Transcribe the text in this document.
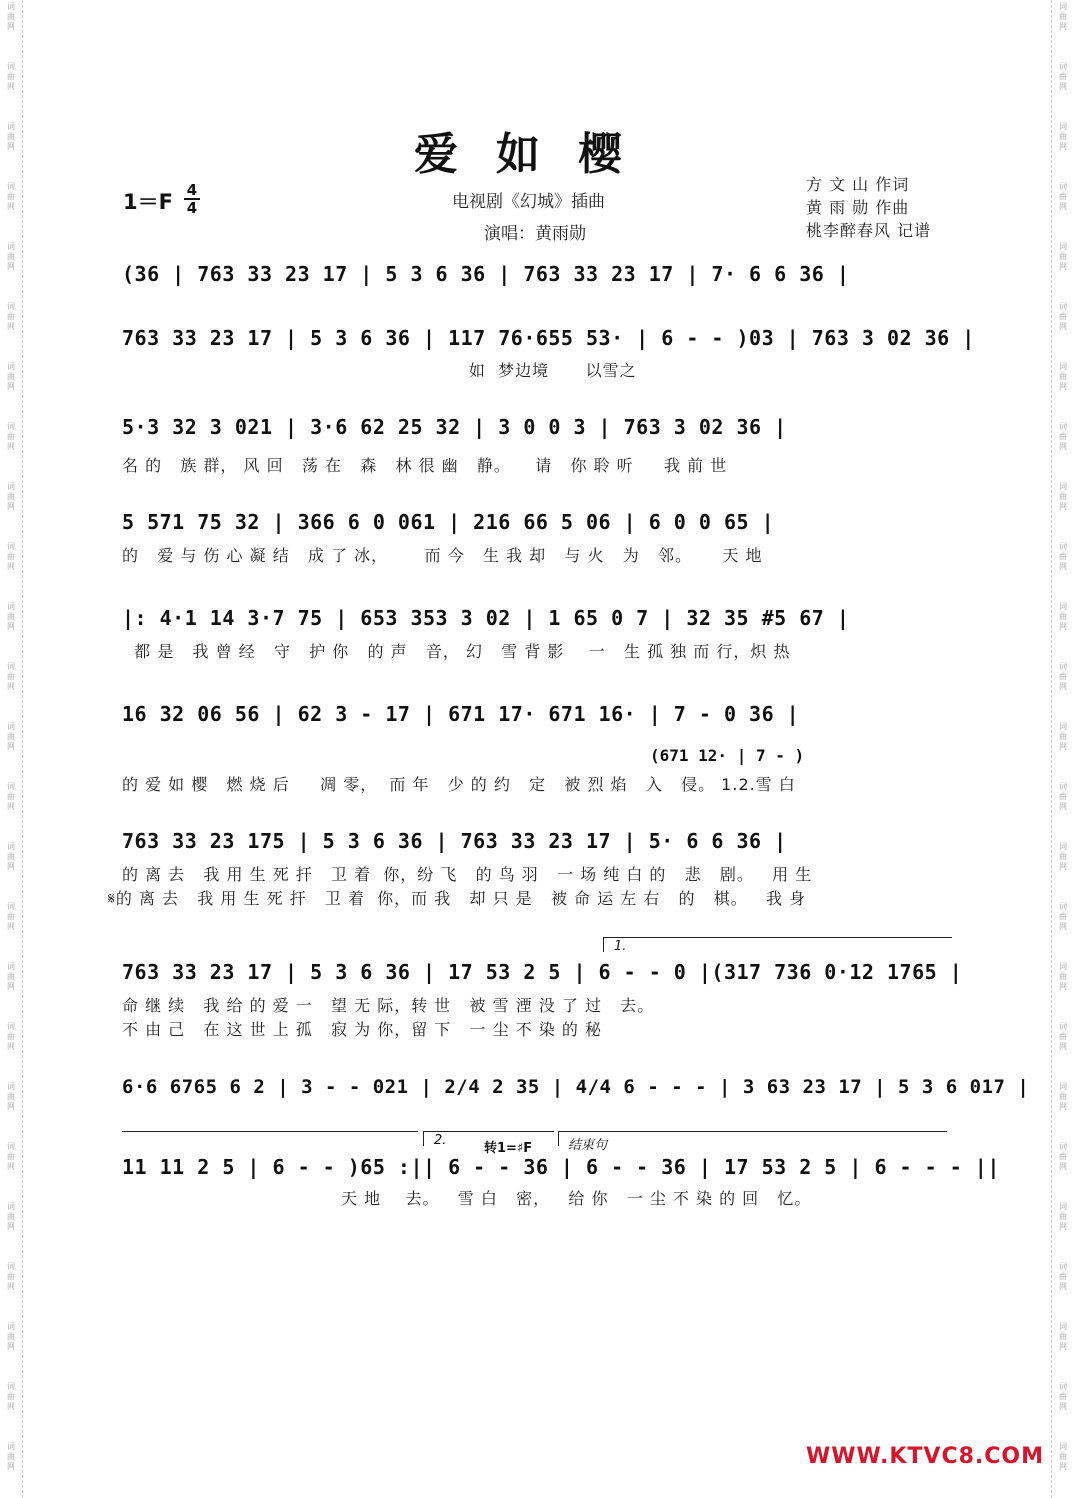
词
曲
网
词
曲
网
词
曲
网
词
曲
网
词
曲
网
词
曲
网
词
曲
网
词
曲
网
词
曲
网
词
曲
网
词
曲
网
词
曲
网
词
曲
网
词
曲
网
词
曲
网
词
曲
网
词
曲
网
词
曲
网
词
曲
网
词
曲
网
词
曲
网
词
曲
网
词
曲
网
词
曲
网
词
曲
网
词
曲
网
词
曲
网
词
曲
网
词
曲
网
词
曲
网
词
曲
网
词
曲
网
词
曲
网
词
曲
网
词
曲
网
词
曲
网
词
曲
网
词
曲
网
词
曲
网
词
曲
网
词
曲
网
词
曲
网
词
曲
网
词
曲
网
词
曲
网
词
曲
网
词
曲
网
词
曲
网
词
曲
网
词
曲
网
爱如樱
1＝F 4
4	电视剧《幻城》插曲
演唱：黄雨勋
方 文 山 作词
黄 雨 勋 作曲
桃李醉春风 记谱
(36 | 763 33 23 17 | 5 3 6 36 | 763 33 23 17 | 7· 6 6 36 |
763 33 23 17 | 5 3 6 36 | 117 76·655 53· | 6 - - )03 | 763 3 02 36 |
如  梦边境      以雪之
5·3 32 3 021 | 3·6 62 25 32 | 3 0 0 3 | 763 3 02 36 |
名 的   族 群， 风 回   荡 在   森   林 很 幽   静。    请   你 聆 听     我 前 世
5 571 75 32 | 366 6 0 061 | 216 66 5 06 | 6 0 0 65 |
的   爱 与 伤 心 凝 结   成 了 冰，      而 今   生 我 却   与 火   为   邻。     天 地
|: 4·1 14 3·7 75 | 653 353 3 02 | 1 65 0 7 | 32 35 #5 67 |
都 是   我 曾 经   守   护 你   的 声   音， 幻   雪 背 影    一   生 孤 独 而 行，炽 热
16 32 06 56 | 62 3 - 17 | 671 17· 671 16· | 7 - 0 36 |
(671 12· | 7 - )
的 爱 如 樱   燃 烧 后     凋 零，  而 年   少 的 约   定   被 烈 焰   入   侵。 1.2.雪 白
763 33 23 175 | 5 3 6 36 | 763 33 23 17 | 5· 6 6 36 |
的 离 去   我 用 生 死 扞   卫 着  你，纷 飞   的 鸟 羽   一 场 纯 白 的   悲   剧。   用 生
𝄋的 离 去   我 用 生 死 扞   卫 着  你，而 我   却 只 是   被 命 运 左 右   的   棋。   我 身
1.
763 33 23 17 | 5 3 6 36 | 17 53 2 5 | 6 - - 0 |(317 736 0·12 1765 |
命 继 续   我 给 的 爱 一   望 无 际，转 世   被 雪 湮 没 了 过   去。
不 由 己   在 这 世 上 孤   寂 为 你，留 下   一 尘 不 染 的 秘
6·6 6765 6 2 | 3 - - 021 | 2/4 2 35 | 4/4 6 - - - | 3 63 23 17 | 5 3 6 017 |
2.
转1=♯F	结束句
11 11 2 5 | 6 - - )65 :|| 6 - - 36 | 6 - - 36 | 17 53 2 5 | 6 - - - ||
天 地    去。   雪 白   密，   给 你   一 尘 不 染 的 回   忆。
WWW.KTVC8.COM
